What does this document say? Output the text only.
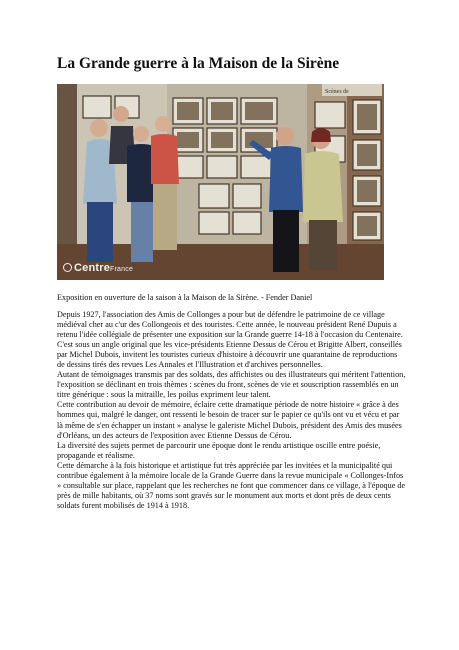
La Grande guerre à la Maison de la Sirène
Scènes de
CentreFrance
Exposition en ouverture de la saison à la Maison de la Sirène. - Fender Daniel

Depuis 1927, l'association des Amis de Collonges a pour but de défendre le patrimoine de ce village médiéval cher au c'ur des Collongeois et des touristes. Cette année, le nouveau président René Dupuis a retenu l'idée collégiale de présenter une exposition sur la Grande guerre 14-18 à l'occasion du Centenaire.

C'est sous un angle original que les vice-présidents Etienne Dessus de Cérou et Brigitte Albert, conseillés par Michel Dubois, invitent les touristes curieux d'histoire à découvrir une quarantaine de reproductions de dessins tirés des revues Les Annales et l'Illustration et d'archives personnelles.

Autant de témoignages transmis par des soldats, des affichistes ou des illustrateurs qui méritent l'attention, l'exposition se déclinant en trois thèmes : scènes du front, scènes de vie et souscription rassemblés en un titre générique : sous la mitraille, les poilus expriment leur talent.

Cette contribution au devoir de mémoire, éclaire cette dramatique période de notre histoire « grâce à des hommes qui, malgré le danger, ont ressenti le besoin de tracer sur le papier ce qu'ils ont vu et vécu et par là même de s'en échapper un instant » analyse le galeriste Michel Dubois, président des Amis des musées d'Orléans, un des acteurs de l'exposition avec Etienne Dessus de Cérou.

La diversité des sujets permet de parcourir une époque dont le rendu artistique oscille entre poésie, propagande et réalisme.

Cette démarche à la fois historique et artistique fut très appréciée par les invitées et la municipalité qui contribue également à la mémoire locale de la Grande Guerre dans la revue municipale « Collonges-Infos » consultable sur place, rappelant que les recherches ne font que commencer dans ce village, à l'époque de près de mille habitants, où 37 noms sont gravés sur le monument aux morts et dont près de deux cents soldats furent mobilisés de 1914 à 1918.
